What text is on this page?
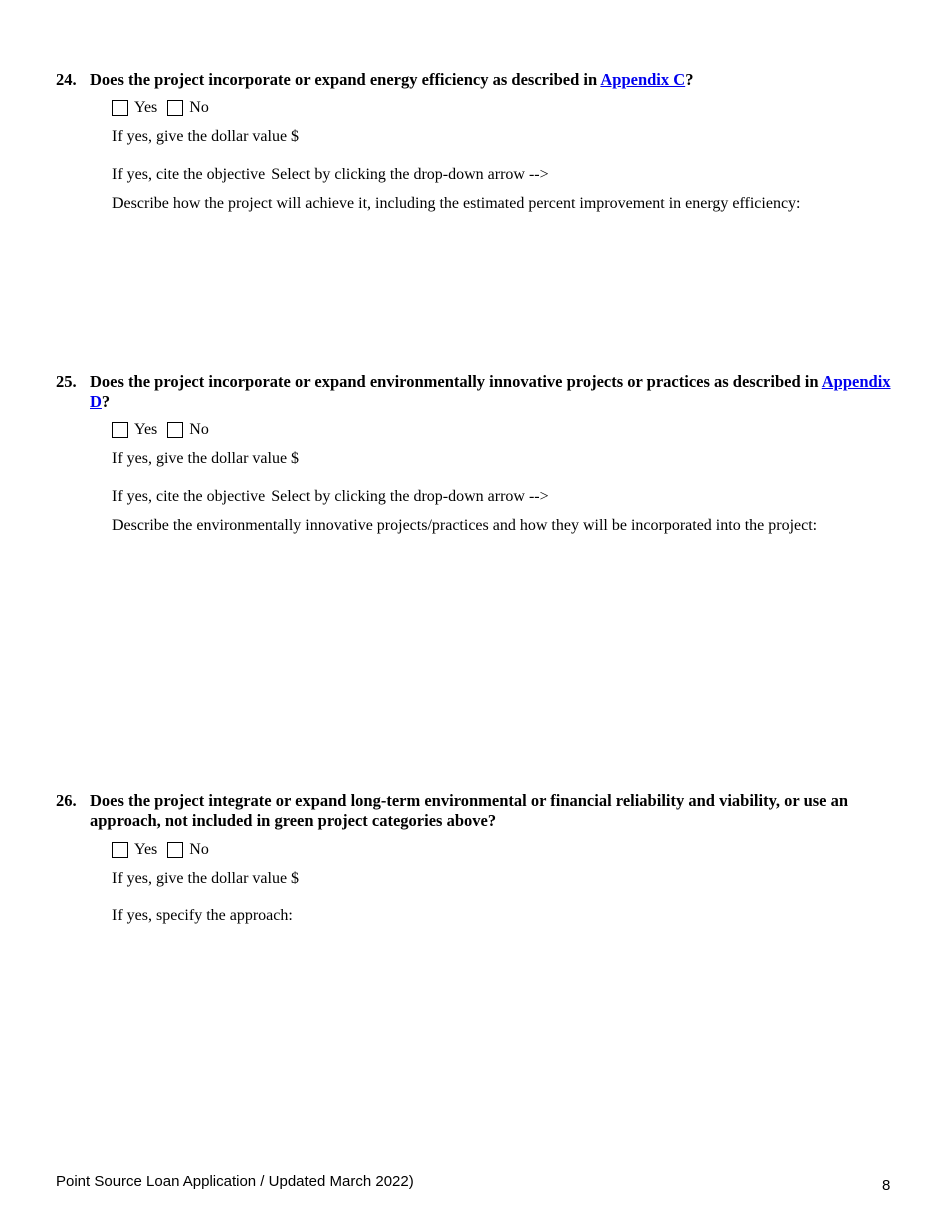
24. Does the project incorporate or expand energy efficiency as described in Appendix C?
Yes No
If yes, give the dollar value $
If yes, cite the objective Select by clicking the drop-down arrow -->
Describe how the project will achieve it, including the estimated percent improvement in energy efficiency:
25. Does the project incorporate or expand environmentally innovative projects or practices as described in Appendix D?
Yes No
If yes, give the dollar value $
If yes, cite the objective Select by clicking the drop-down arrow -->
Describe the environmentally innovative projects/practices and how they will be incorporated into the project:
26. Does the project integrate or expand long-term environmental or financial reliability and viability, or use an approach, not included in green project categories above?
Yes No
If yes, give the dollar value $
If yes, specify the approach:
Point Source Loan Application / Updated March 2022)	8
